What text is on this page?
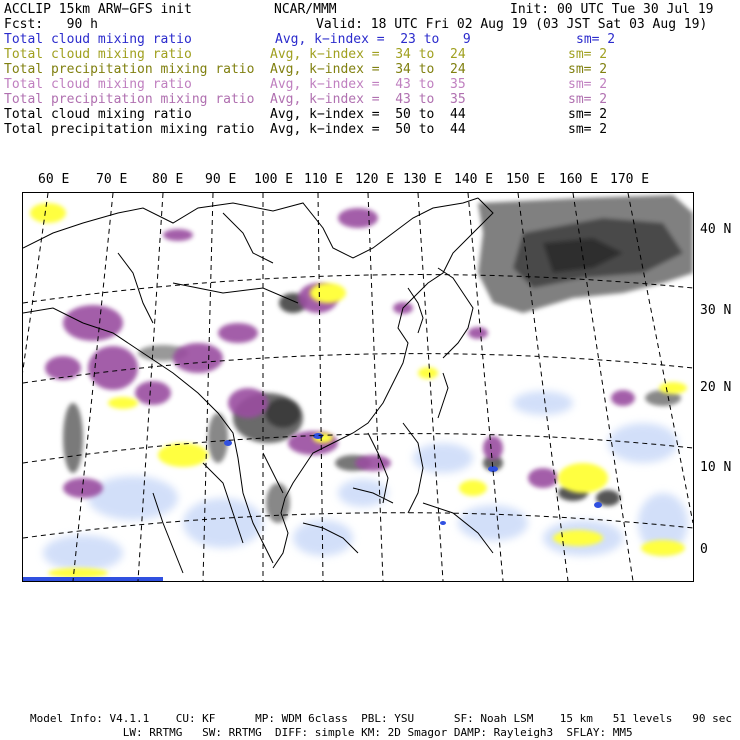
ACCLIP 15km ARW−GFS init	NCAR/MMM	Init: 00 UTC Tue 30 Jul 19
Fcst:   90 h	Valid: 18 UTC Fri 02 Aug 19 (03 JST Sat 03 Aug 19)
Total cloud mixing ratio	Avg, k−index =  23 to   9	sm= 2
Total cloud mixing ratio	Avg, k−index =  34 to  24	sm= 2
Total precipitation mixing ratio Avg, k−index =  34 to  24	sm= 2
Total cloud mixing ratio	Avg, k−index =  43 to  35	sm= 2
Total precipitation mixing ratio Avg, k−index =  43 to  35	sm= 2
Total cloud mixing ratio	Avg, k−index =  50 to  44	sm= 2
Total precipitation mixing ratio Avg, k−index =  50 to  44	sm= 2
60 E 70 E 80 E 90 E 100 E 110 E 120 E 130 E 140 E 150 E 160 E 170 E
40 N
30 N
20 N
10 N
0
Model Info: V4.1.1    CU: KF      MP: WDM 6class  PBL: YSU      SF: Noah LSM    15 km   51 levels   90 sec
LW: RRTMG   SW: RRTMG  DIFF: simple KM: 2D Smagor DAMP: Rayleigh3  SFLAY: MM5
